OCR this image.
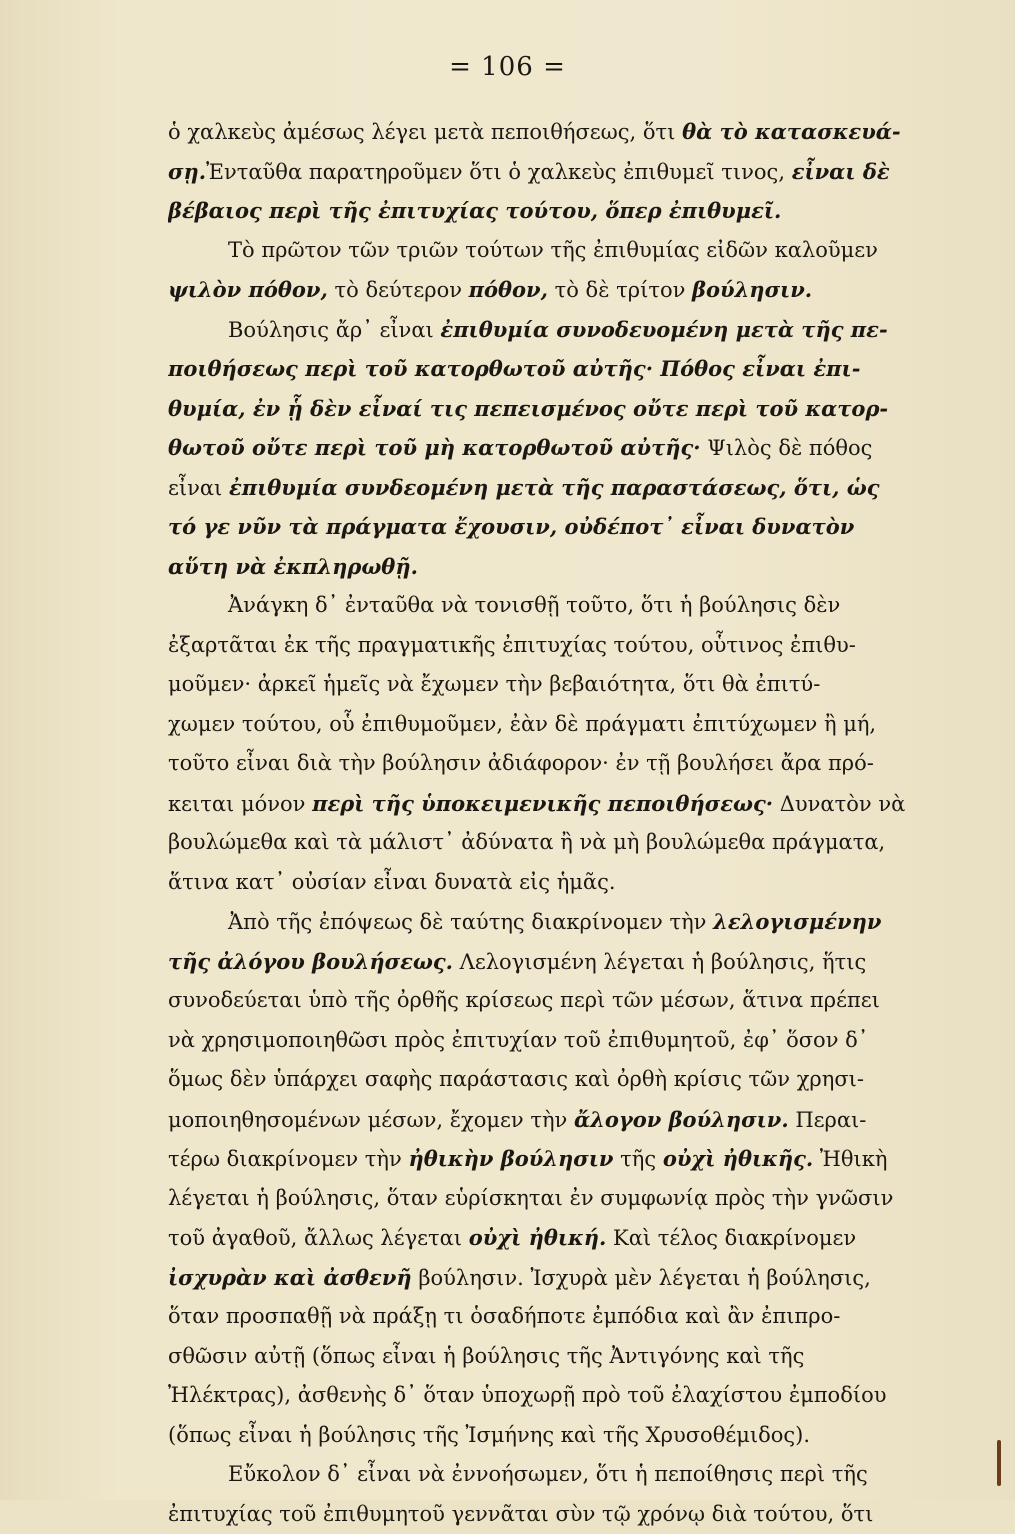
= 106 =
ὁ χαλκεὺς ἀμέσως λέγει μετὰ πεποιθήσεως, ὅτι θὰ τὸ κατασκευά-
σῃ.Ἐνταῦθα παρατηροῦμεν ὅτι ὁ χαλκεὺς ἐπιθυμεῖ τινος, εἶναι δὲ
βέβαιος περὶ τῆς ἐπιτυχίας τούτου, ὅπερ ἐπιθυμεῖ.
Τὸ πρῶτον τῶν τριῶν τούτων τῆς ἐπιθυμίας εἰδῶν καλοῦμεν
ψιλὸν πόθον, τὸ δεύτερον πόθον, τὸ δὲ τρίτον βούλησιν.
Βούλησις ἄρ᾽ εἶναι ἐπιθυμία συνοδευομένη μετὰ τῆς πε-
ποιθήσεως περὶ τοῦ κατορθωτοῦ αὐτῆς· Πόθος εἶναι ἐπι-
θυμία, ἐν ᾗ δὲν εἶναί τις πεπεισμένος οὔτε περὶ τοῦ κατορ-
θωτοῦ οὔτε περὶ τοῦ μὴ κατορθωτοῦ αὐτῆς· Ψιλὸς δὲ πόθος
εἶναι ἐπιθυμία συνδεομένη μετὰ τῆς παραστάσεως, ὅτι, ὡς
τό γε νῦν τὰ πράγματα ἔχουσιν, οὐδέποτ᾽ εἶναι δυνατὸν
αὕτη νὰ ἐκπληρωθῇ.
Ἀνάγκη δ᾽ ἐνταῦθα νὰ τονισθῇ τοῦτο, ὅτι ἡ βούλησις δὲν
ἐξαρτᾶται ἐκ τῆς πραγματικῆς ἐπιτυχίας τούτου, οὗτινος ἐπιθυ-
μοῦμεν· ἀρκεῖ ἡμεῖς νὰ ἔχωμεν τὴν βεβαιότητα, ὅτι θὰ ἐπιτύ-
χωμεν τούτου, οὗ ἐπιθυμοῦμεν, ἐὰν δὲ πράγματι ἐπιτύχωμεν ἢ μή,
τοῦτο εἶναι διὰ τὴν βούλησιν ἀδιάφορον· ἐν τῇ βουλήσει ἄρα πρό-
κειται μόνον περὶ τῆς ὑποκειμενικῆς πεποιθήσεως· Δυνατὸν νὰ
βουλώμεθα καὶ τὰ μάλιστ᾽ ἀδύνατα ἢ νὰ μὴ βουλώμεθα πράγματα,
ἅτινα κατ᾽ οὐσίαν εἶναι δυνατὰ εἰς ἡμᾶς.
Ἀπὸ τῆς ἐπόψεως δὲ ταύτης διακρίνομεν τὴν λελογισμένην
τῆς ἀλόγου βουλήσεως. Λελογισμένη λέγεται ἡ βούλησις, ἥτις
συνοδεύεται ὑπὸ τῆς ὀρθῆς κρίσεως περὶ τῶν μέσων, ἅτινα πρέπει
νὰ χρησιμοποιηθῶσι πρὸς ἐπιτυχίαν τοῦ ἐπιθυμητοῦ, ἐφ᾽ ὅσον δ᾽
ὅμως δὲν ὑπάρχει σαφὴς παράστασις καὶ ὀρθὴ κρίσις τῶν χρησι-
μοποιηθησομένων μέσων, ἔχομεν τὴν ἄλογον βούλησιν. Περαι-
τέρω διακρίνομεν τὴν ἠθικὴν βούλησιν τῆς οὐχὶ ἠθικῆς. Ἠθικὴ
λέγεται ἡ βούλησις, ὅταν εὑρίσκηται ἐν συμφωνίᾳ πρὸς τὴν γνῶσιν
τοῦ ἀγαθοῦ, ἄλλως λέγεται οὐχὶ ἠθική. Καὶ τέλος διακρίνομεν
ἰσχυρὰν καὶ ἀσθενῆ βούλησιν. Ἰσχυρὰ μὲν λέγεται ἡ βούλησις,
ὅταν προσπαθῇ νὰ πράξῃ τι ὁσαδήποτε ἐμπόδια καὶ ἂν ἐπιπρο-
σθῶσιν αὐτῇ (ὅπως εἶναι ἡ βούλησις τῆς Ἀντιγόνης καὶ τῆς
Ἠλέκτρας), ἀσθενὴς δ᾽ ὅταν ὑποχωρῇ πρὸ τοῦ ἐλαχίστου ἐμποδίου
(ὅπως εἶναι ἡ βούλησις τῆς Ἰσμήνης καὶ τῆς Χρυσοθέμιδος).
Εὔκολον δ᾽ εἶναι νὰ ἐννοήσωμεν, ὅτι ἡ πεποίθησις περὶ τῆς
ἐπιτυχίας τοῦ ἐπιθυμητοῦ γεννᾶται σὺν τῷ χρόνῳ διὰ τούτου, ὅτι
